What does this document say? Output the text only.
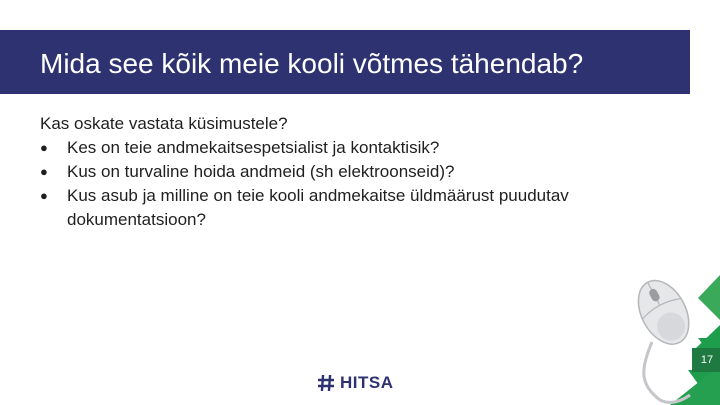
Mida see kõik meie kooli võtmes tähendab?
Kas oskate vastata küsimustele?
● Kes on teie andmekaitsespetsialist ja kontaktisik?
● Kus on turvaline hoida andmeid (sh elektroonseid)?
● Kus asub ja milline on teie kooli andmekaitse üldmäärust puudutav dokumentatsioon?
17
HITSA
